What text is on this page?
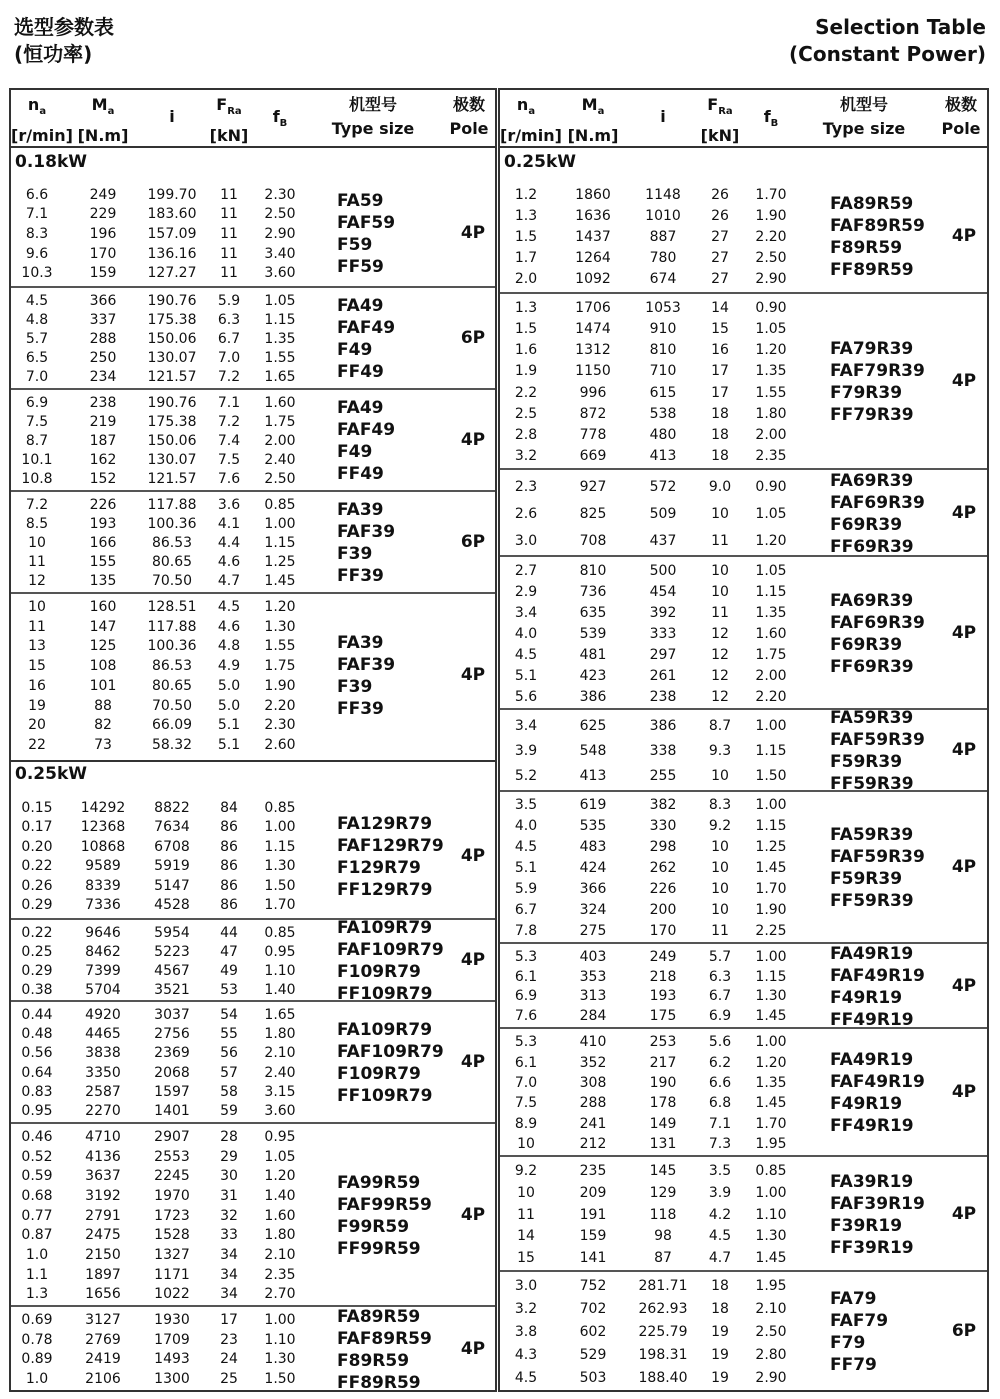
选型参数表
(恒功率)
Selection Table
(Constant Power)
$n_a$
[r/min]
$M_a$
[N.m]
i
$F_{Ra}$
[kN]
$f_B$
机型号
Type size
极数
Pole
0.18kW
6.6	249	199.70	11	2.30
7.1	229	183.60	11	2.50
8.3	196	157.09	11	2.90
9.6	170	136.16	11	3.40
10.3	159	127.27	11	3.60
FA59
FAF59
F59
FF59
4P
4.5	366	190.76	5.9	1.05
4.8	337	175.38	6.3	1.15
5.7	288	150.06	6.7	1.35
6.5	250	130.07	7.0	1.55
7.0	234	121.57	7.2	1.65
FA49
FAF49
F49
FF49
6P
6.9	238	190.76	7.1	1.60
7.5	219	175.38	7.2	1.75
8.7	187	150.06	7.4	2.00
10.1	162	130.07	7.5	2.40
10.8	152	121.57	7.6	2.50
FA49
FAF49
F49
FF49
4P
7.2	226	117.88	3.6	0.85
8.5	193	100.36	4.1	1.00
10	166	86.53	4.4	1.15
11	155	80.65	4.6	1.25
12	135	70.50	4.7	1.45
FA39
FAF39
F39
FF39
6P
10	160	128.51	4.5	1.20
11	147	117.88	4.6	1.30
13	125	100.36	4.8	1.55
15	108	86.53	4.9	1.75
16	101	80.65	5.0	1.90
19	88	70.50	5.0	2.20
20	82	66.09	5.1	2.30
22	73	58.32	5.1	2.60
FA39
FAF39
F39
FF39
4P
0.25kW
0.15	14292	8822	84	0.85
0.17	12368	7634	86	1.00
0.20	10868	6708	86	1.15
0.22	9589	5919	86	1.30
0.26	8339	5147	86	1.50
0.29	7336	4528	86	1.70
FA129R79
FAF129R79
F129R79
FF129R79
4P
0.22	9646	5954	44	0.85
0.25	8462	5223	47	0.95
0.29	7399	4567	49	1.10
0.38	5704	3521	53	1.40
FA109R79
FAF109R79
F109R79
FF109R79
4P
0.44	4920	3037	54	1.65
0.48	4465	2756	55	1.80
0.56	3838	2369	56	2.10
0.64	3350	2068	57	2.40
0.83	2587	1597	58	3.15
0.95	2270	1401	59	3.60
FA109R79
FAF109R79
F109R79
FF109R79
4P
0.46	4710	2907	28	0.95
0.52	4136	2553	29	1.05
0.59	3637	2245	30	1.20
0.68	3192	1970	31	1.40
0.77	2791	1723	32	1.60
0.87	2475	1528	33	1.80
1.0	2150	1327	34	2.10
1.1	1897	1171	34	2.35
1.3	1656	1022	34	2.70
FA99R59
FAF99R59
F99R59
FF99R59
4P
0.69	3127	1930	17	1.00
0.78	2769	1709	23	1.10
0.89	2419	1493	24	1.30
1.0	2106	1300	25	1.50
FA89R59
FAF89R59
F89R59
FF89R59
4P
$n_a$
[r/min]
$M_a$
[N.m]
i
$F_{Ra}$
[kN]
$f_B$
机型号
Type size
极数
Pole
0.25kW
1.2	1860	1148	26	1.70
1.3	1636	1010	26	1.90
1.5	1437	887	27	2.20
1.7	1264	780	27	2.50
2.0	1092	674	27	2.90
FA89R59
FAF89R59
F89R59
FF89R59
4P
1.3	1706	1053	14	0.90
1.5	1474	910	15	1.05
1.6	1312	810	16	1.20
1.9	1150	710	17	1.35
2.2	996	615	17	1.55
2.5	872	538	18	1.80
2.8	778	480	18	2.00
3.2	669	413	18	2.35
FA79R39
FAF79R39
F79R39
FF79R39
4P
2.3	927	572	9.0	0.90
2.6	825	509	10	1.05
3.0	708	437	11	1.20
FA69R39
FAF69R39
F69R39
FF69R39
4P
2.7	810	500	10	1.05
2.9	736	454	10	1.15
3.4	635	392	11	1.35
4.0	539	333	12	1.60
4.5	481	297	12	1.75
5.1	423	261	12	2.00
5.6	386	238	12	2.20
FA69R39
FAF69R39
F69R39
FF69R39
4P
3.4	625	386	8.7	1.00
3.9	548	338	9.3	1.15
5.2	413	255	10	1.50
FA59R39
FAF59R39
F59R39
FF59R39
4P
3.5	619	382	8.3	1.00
4.0	535	330	9.2	1.15
4.5	483	298	10	1.25
5.1	424	262	10	1.45
5.9	366	226	10	1.70
6.7	324	200	10	1.90
7.8	275	170	11	2.25
FA59R39
FAF59R39
F59R39
FF59R39
4P
5.3	403	249	5.7	1.00
6.1	353	218	6.3	1.15
6.9	313	193	6.7	1.30
7.6	284	175	6.9	1.45
FA49R19
FAF49R19
F49R19
FF49R19
4P
5.3	410	253	5.6	1.00
6.1	352	217	6.2	1.20
7.0	308	190	6.6	1.35
7.5	288	178	6.8	1.45
8.9	241	149	7.1	1.70
10	212	131	7.3	1.95
FA49R19
FAF49R19
F49R19
FF49R19
4P
9.2	235	145	3.5	0.85
10	209	129	3.9	1.00
11	191	118	4.2	1.10
14	159	98	4.5	1.30
15	141	87	4.7	1.45
FA39R19
FAF39R19
F39R19
FF39R19
4P
3.0	752	281.71	18	1.95
3.2	702	262.93	18	2.10
3.8	602	225.79	19	2.50
4.3	529	198.31	19	2.80
4.5	503	188.40	19	2.90
FA79
FAF79
F79
FF79
6P
